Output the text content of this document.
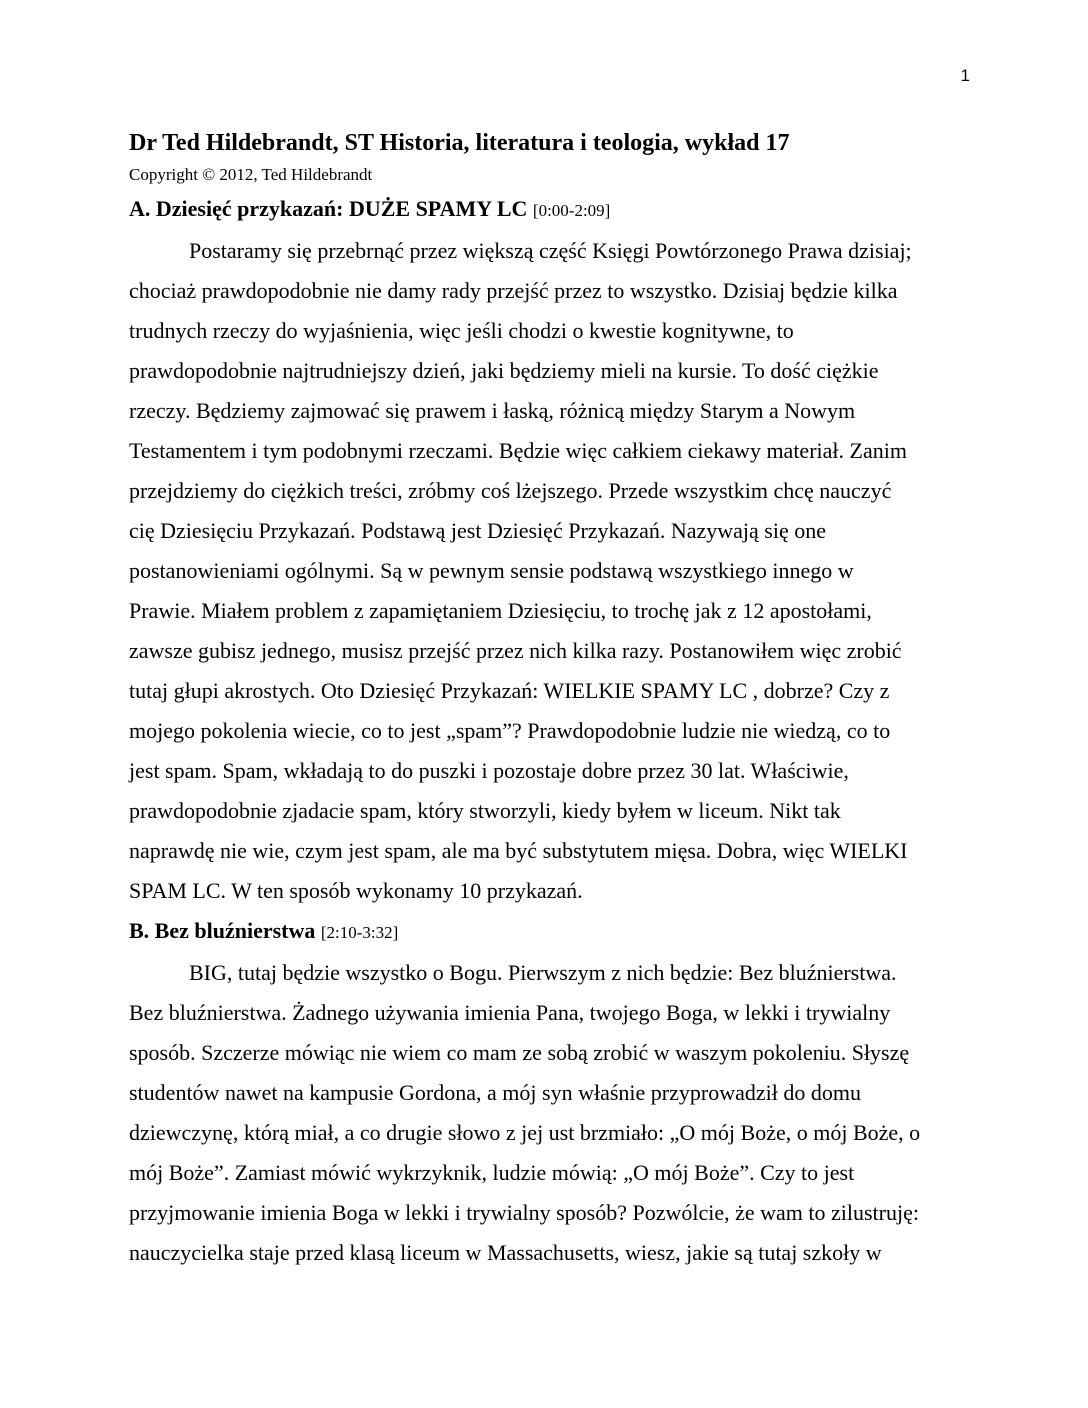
1
Dr Ted Hildebrandt, ST Historia, literatura i teologia, wykład 17

Copyright © 2012, Ted Hildebrandt

A. Dziesięć przykazań: DUŻE SPAMY LC [0:00-2:09]

Postaramy się przebrnąć przez większą część Księgi Powtórzonego Prawa dzisiaj;
chociaż prawdopodobnie nie damy rady przejść przez to wszystko. Dzisiaj będzie kilka
trudnych rzeczy do wyjaśnienia, więc jeśli chodzi o kwestie kognitywne, to
prawdopodobnie najtrudniejszy dzień, jaki będziemy mieli na kursie. To dość ciężkie
rzeczy. Będziemy zajmować się prawem i łaską, różnicą między Starym a Nowym
Testamentem i tym podobnymi rzeczami. Będzie więc całkiem ciekawy materiał. Zanim
przejdziemy do ciężkich treści, zróbmy coś lżejszego. Przede wszystkim chcę nauczyć
cię Dziesięciu Przykazań. Podstawą jest Dziesięć Przykazań. Nazywają się one
postanowieniami ogólnymi. Są w pewnym sensie podstawą wszystkiego innego w
Prawie. Miałem problem z zapamiętaniem Dziesięciu, to trochę jak z 12 apostołami,
zawsze gubisz jednego, musisz przejść przez nich kilka razy. Postanowiłem więc zrobić
tutaj głupi akrostych. Oto Dziesięć Przykazań: WIELKIE SPAMY LC , dobrze? Czy z
mojego pokolenia wiecie, co to jest „spam”? Prawdopodobnie ludzie nie wiedzą, co to
jest spam. Spam, wkładają to do puszki i pozostaje dobre przez 30 lat. Właściwie,
prawdopodobnie zjadacie spam, który stworzyli, kiedy byłem w liceum. Nikt tak
naprawdę nie wie, czym jest spam, ale ma być substytutem mięsa. Dobra, więc WIELKI
SPAM LC. W ten sposób wykonamy 10 przykazań.

B. Bez bluźnierstwa [2:10-3:32]

BIG, tutaj będzie wszystko o Bogu. Pierwszym z nich będzie: Bez bluźnierstwa.
Bez bluźnierstwa. Żadnego używania imienia Pana, twojego Boga, w lekki i trywialny
sposób. Szczerze mówiąc nie wiem co mam ze sobą zrobić w waszym pokoleniu. Słyszę
studentów nawet na kampusie Gordona, a mój syn właśnie przyprowadził do domu
dziewczynę, którą miał, a co drugie słowo z jej ust brzmiało: „O mój Boże, o mój Boże, o
mój Boże”. Zamiast mówić wykrzyknik, ludzie mówią: „O mój Boże”. Czy to jest
przyjmowanie imienia Boga w lekki i trywialny sposób? Pozwólcie, że wam to zilustruję:
nauczycielka staje przed klasą liceum w Massachusetts, wiesz, jakie są tutaj szkoły w
